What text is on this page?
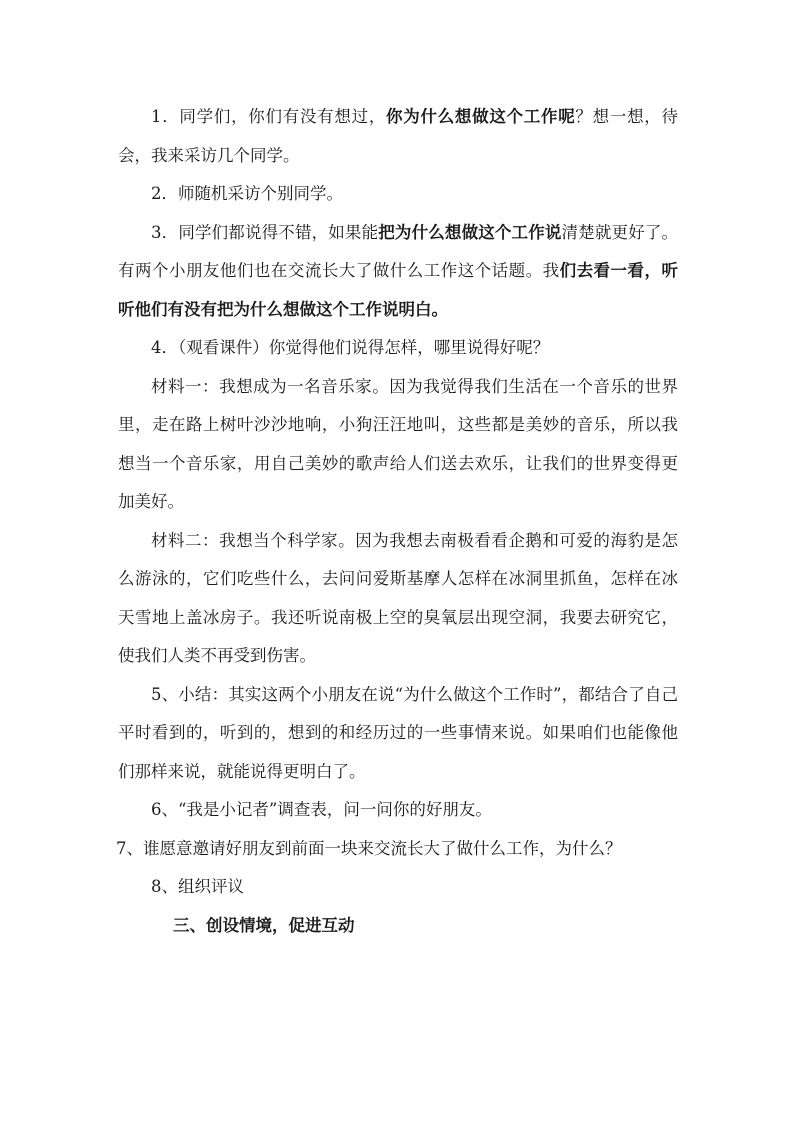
1．同学们，你们有没有想过，你为什么想做这个工作呢？想一想，待会，我来采访几个同学。

2．师随机采访个别同学。

3．同学们都说得不错，如果能把为什么想做这个工作说清楚就更好了。有两个小朋友他们也在交流长大了做什么工作这个话题。我们去看一看，听听他们有没有把为什么想做这个工作说明白。

4．（观看课件）你觉得他们说得怎样，哪里说得好呢？

材料一：我想成为一名音乐家。因为我觉得我们生活在一个音乐的世界里，走在路上树叶沙沙地响，小狗汪汪地叫，这些都是美妙的音乐，所以我想当一个音乐家，用自己美妙的歌声给人们送去欢乐，让我们的世界变得更加美好。

材料二：我想当个科学家。因为我想去南极看看企鹅和可爱的海豹是怎么游泳的，它们吃些什么，去问问爱斯基摩人怎样在冰洞里抓鱼，怎样在冰天雪地上盖冰房子。我还听说南极上空的臭氧层出现空洞，我要去研究它，使我们人类不再受到伤害。

5、小结：其实这两个小朋友在说“为什么做这个工作时”，都结合了自己平时看到的，听到的，想到的和经历过的一些事情来说。如果咱们也能像他们那样来说，就能说得更明白了。

6、“我是小记者”调查表，问一问你的好朋友。

7、谁愿意邀请好朋友到前面一块来交流长大了做什么工作，为什么？

8、组织评议

三、创设情境，促进互动
